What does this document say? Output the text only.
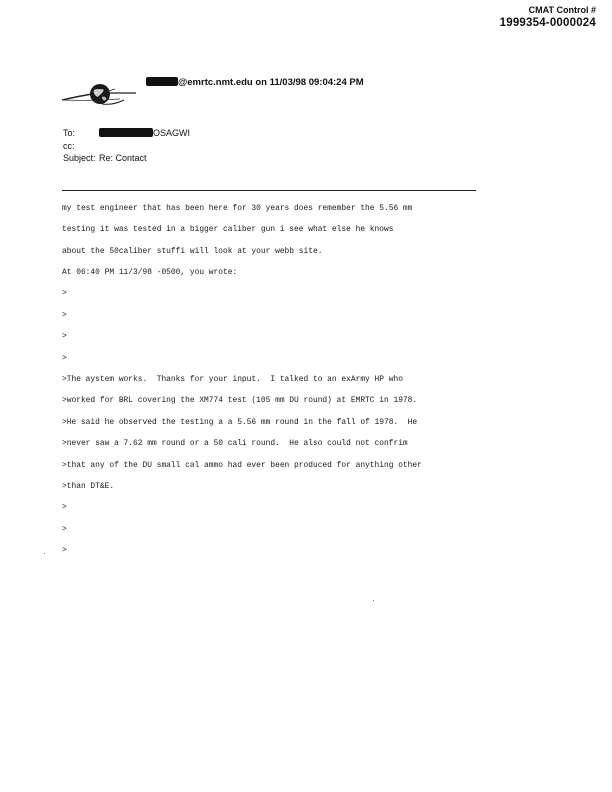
CMAT Control #
1999354-0000024
@emrtc.nmt.edu on 11/03/98 09:04:24 PM
To:	OSAGWI
cc:
Subject: Re: Contact

my test engineer that has been here for 30 years does remember the 5.56 mm

testing it was tested in a bigger caliber gun i see what else he knows

about the 50caliber stuffi will look at your webb site.

At 06:40 PM 11/3/98 -0500, you wrote:

>

>

>

>

>The aystem works.  Thanks for your input.  I talked to an exArmy HP who

>worked for BRL covering the XM774 test (105 mm DU round) at EMRTC in 1978.

>He said he observed the testing a a 5.56 mm round in the fall of 1978.  He

>never saw a 7.62 mm round or a 50 cali round.  He also could not confrim

>that any of the DU small cal ammo had ever been produced for anything other

>than DT&E.

>

>

>
